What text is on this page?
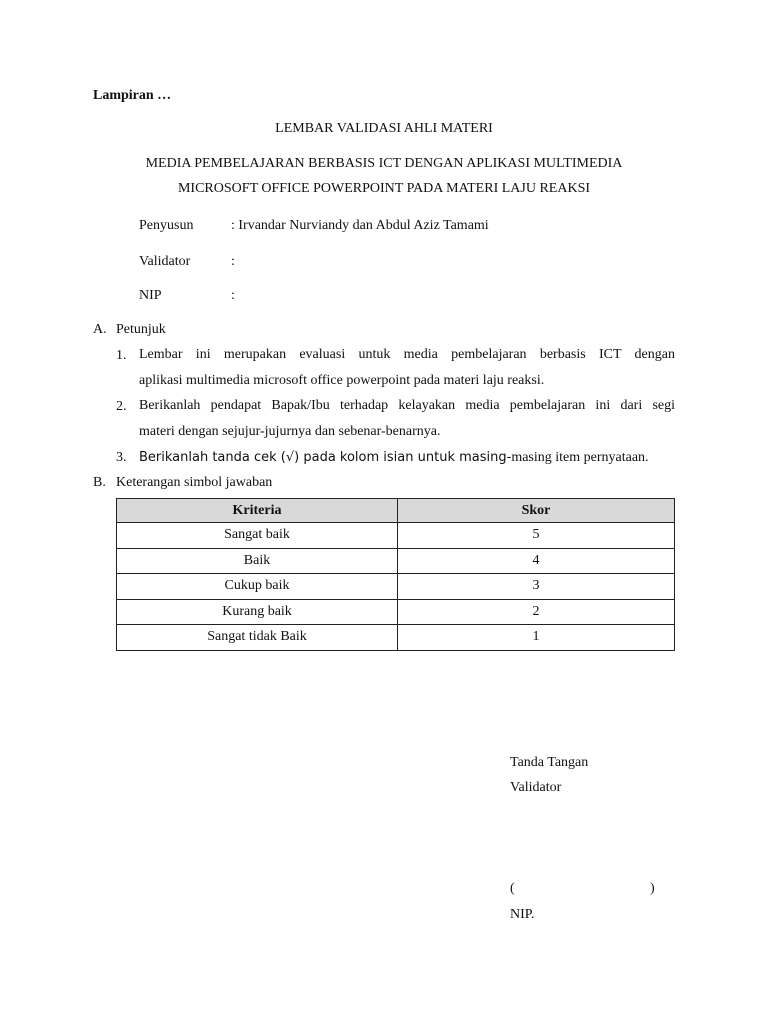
Lampiran …
LEMBAR VALIDASI AHLI MATERI
MEDIA PEMBELAJARAN BERBASIS ICT DENGAN APLIKASI MULTIMEDIA
MICROSOFT OFFICE POWERPOINT PADA MATERI LAJU REAKSI
Penyusun	: Irvandar Nurviandy dan Abdul Aziz Tamami
Validator	:
NIP	:
A. Petunjuk
1. Lembar ini merupakan evaluasi untuk media pembelajaran berbasis ICT dengan
aplikasi multimedia microsoft office powerpoint pada materi laju reaksi.
2. Berikanlah pendapat Bapak/Ibu terhadap kelayakan media pembelajaran ini dari segi
materi dengan sejujur-jujurnya dan sebenar-benarnya.
3. Berikanlah tanda cek (√) pada kolom isian untuk masing-masing item pernyataan.
B. Keterangan simbol jawaban
Kriteria	Skor
Sangat baik	5
Baik	4
Cukup baik	3
Kurang baik	2
Sangat tidak Baik	1
Tanda Tangan
Validator
(	)
NIP.
